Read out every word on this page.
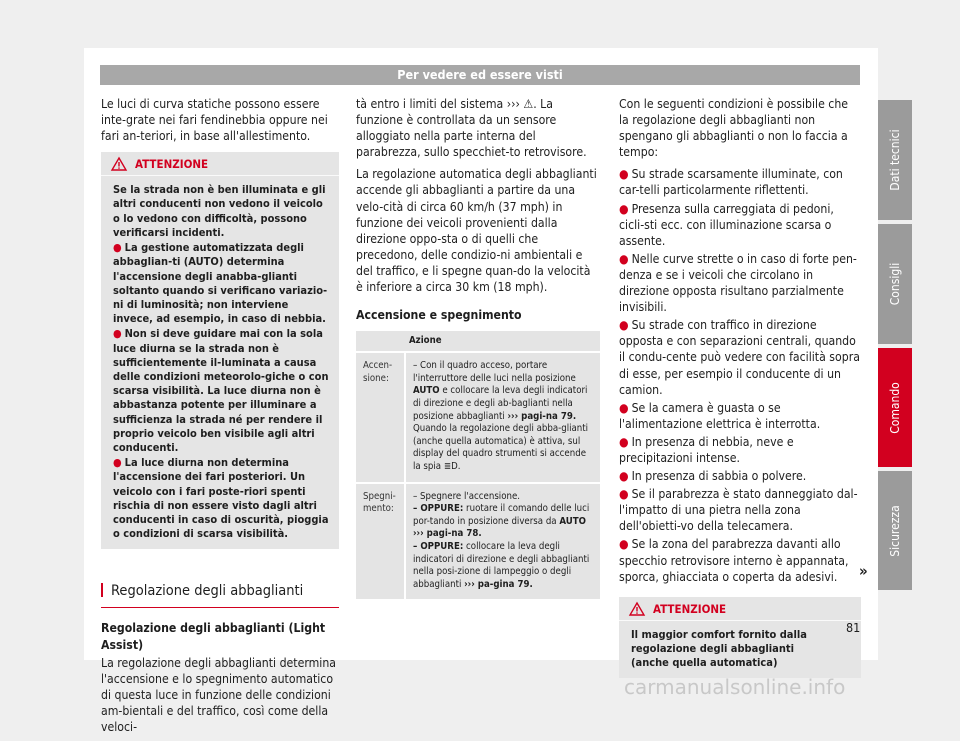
Per vedere ed essere visti

Le luci di curva statiche possono essere inte-grate nei fari fendinebbia oppure nei fari an-teriori, in base all'allestimento.

ATTENZIONE
Se la strada non è ben illuminata e gli altri conducenti non vedono il veicolo o lo vedono con difficoltà, possono verificarsi incidenti.
● La gestione automatizzata degli abbaglian-ti (AUTO) determina l'accensione degli anabba-glianti soltanto quando si verificano variazio-ni di luminosità; non interviene invece, ad esempio, in caso di nebbia.
● Non si deve guidare mai con la sola luce diurna se la strada non è sufficientemente il-luminata a causa delle condizioni meteorolo-giche o con scarsa visibilità. La luce diurna non è abbastanza potente per illuminare a sufficienza la strada né per rendere il proprio veicolo ben visibile agli altri conducenti.
● La luce diurna non determina l'accensione dei fari posteriori. Un veicolo con i fari poste-riori spenti rischia di non essere visto dagli altri conducenti in caso di oscurità, pioggia o condizioni di scarsa visibilità.
Regolazione degli abbaglianti
Regolazione degli abbaglianti (Light Assist)

La regolazione degli abbaglianti determina l'accensione e lo spegnimento automatico di questa luce in funzione delle condizioni am-bientali e del traffico, così come della veloci-

tà entro i limiti del sistema ››› ⚠. La funzione è controllata da un sensore alloggiato nella parte interna del parabrezza, sullo specchiet-to retrovisore.

La regolazione automatica degli abbaglianti accende gli abbaglianti a partire da una velo-cità di circa 60 km/h (37 mph) in funzione dei veicoli provenienti dalla direzione oppo-sta o di quelli che precedono, delle condizio-ni ambientali e del traffico, e li spegne quan-do la velocità è inferiore a circa 30 km (18 mph).

Accensione e spegnimento
Azione
Accen-sione:
– Con il quadro acceso, portare l'interruttore delle luci nella posizione AUTO e collocare la leva degli indicatori di direzione e degli ab-baglianti nella posizione abbaglianti ››› pagi-na 79. Quando la regolazione degli abba-glianti (anche quella automatica) è attiva, sul display del quadro strumenti si accende la spia ≣D.
Spegni-mento:
– Spegnere l'accensione.
– OPPURE: ruotare il comando delle luci por-tando in posizione diversa da AUTO ››› pagi-na 78.
– OPPURE: collocare la leva degli indicatori di direzione e degli abbaglianti nella posi-zione di lampeggio o degli abbaglianti ››› pa-gina 79.

Con le seguenti condizioni è possibile che la regolazione degli abbaglianti non spengano gli abbaglianti o non lo faccia a tempo:

● Su strade scarsamente illuminate, con car-telli particolarmente riflettenti.
● Presenza sulla carreggiata di pedoni, cicli-sti ecc. con illuminazione scarsa o assente.
● Nelle curve strette o in caso di forte pen-denza e se i veicoli che circolano in direzione opposta risultano parzialmente invisibili.
● Su strade con traffico in direzione opposta e con separazioni centrali, quando il condu-cente può vedere con facilità sopra di esse, per esempio il conducente di un camion.
● Se la camera è guasta o se l'alimentazione elettrica è interrotta.
● In presenza di nebbia, neve e precipitazioni intense.
● In presenza di sabbia o polvere.
● Se il parabrezza è stato danneggiato dal-l'impatto di una pietra nella zona dell'obietti-vo della telecamera.
● Se la zona del parabrezza davanti allo specchio retrovisore interno è appannata, sporca, ghiacciata o coperta da adesivi.
ATTENZIONE
Il maggior comfort fornito dalla regolazione degli abbaglianti (anche quella automatica)
»
Dati tecnici
Consigli
Comando
Sicurezza
81
carmanualsonline.info
